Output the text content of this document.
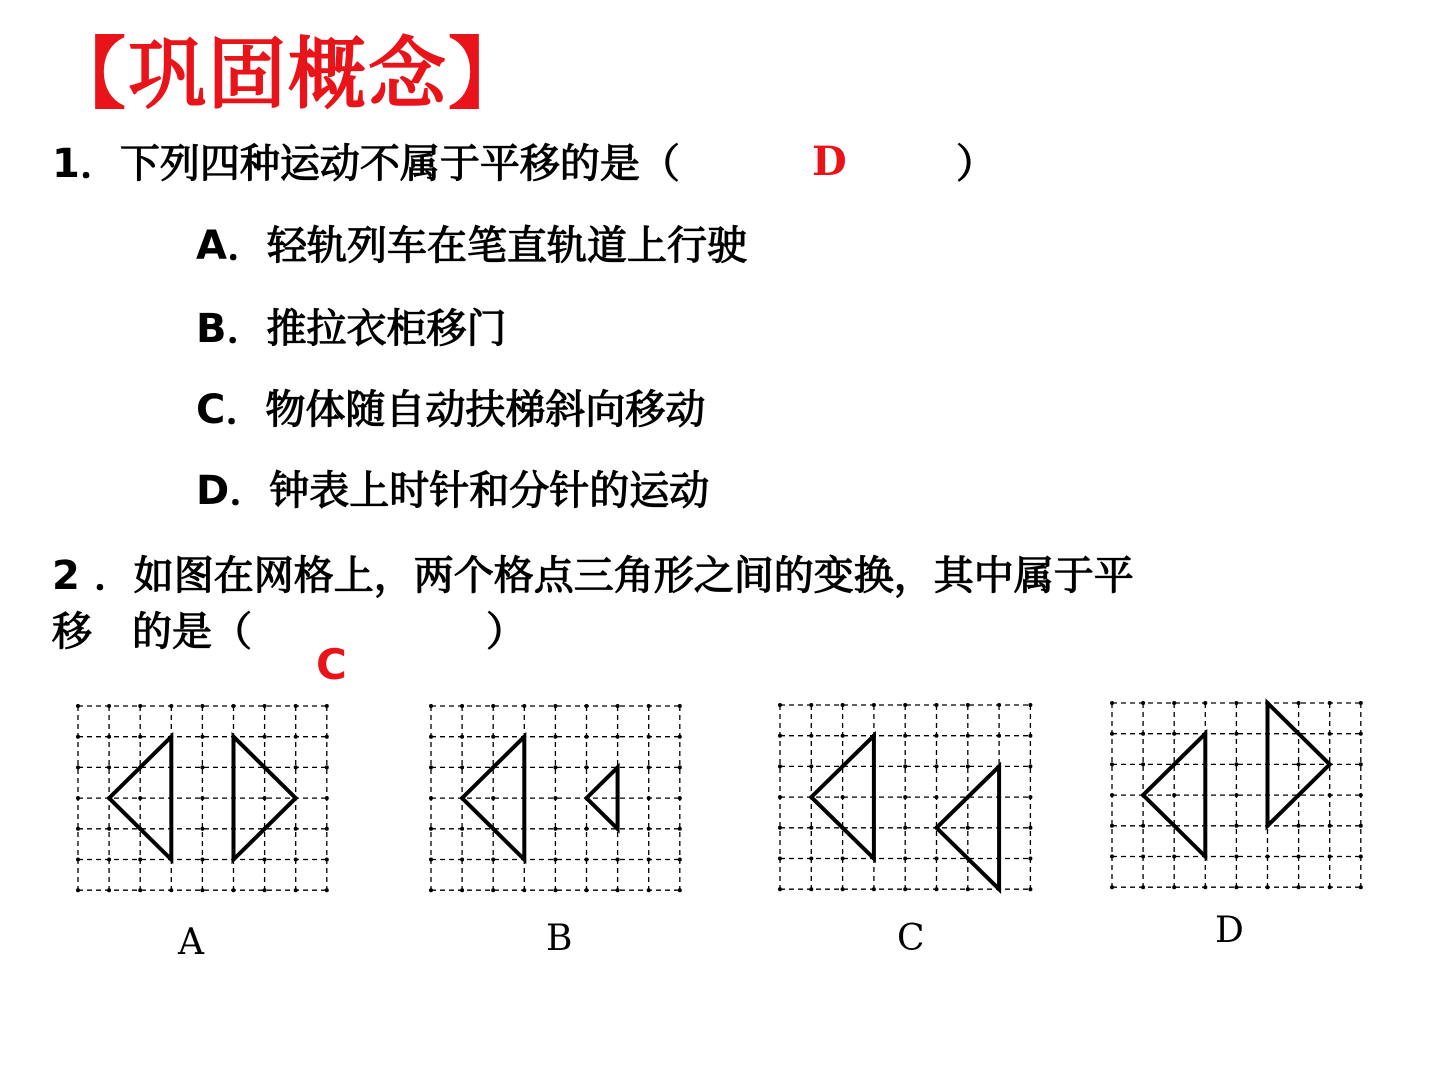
【巩固概念】
1．下列四种运动不属于平移的是（	D	）
A．轻轨列车在笔直轨道上行驶
B．推拉衣柜移门
C．物体随自动扶梯斜向移动
D．钟表上时针和分针的运动
2 ．如图在网格上，两个格点三角形之间的变换，其中属于平
移　的是（	）
C
A	B	C	D
